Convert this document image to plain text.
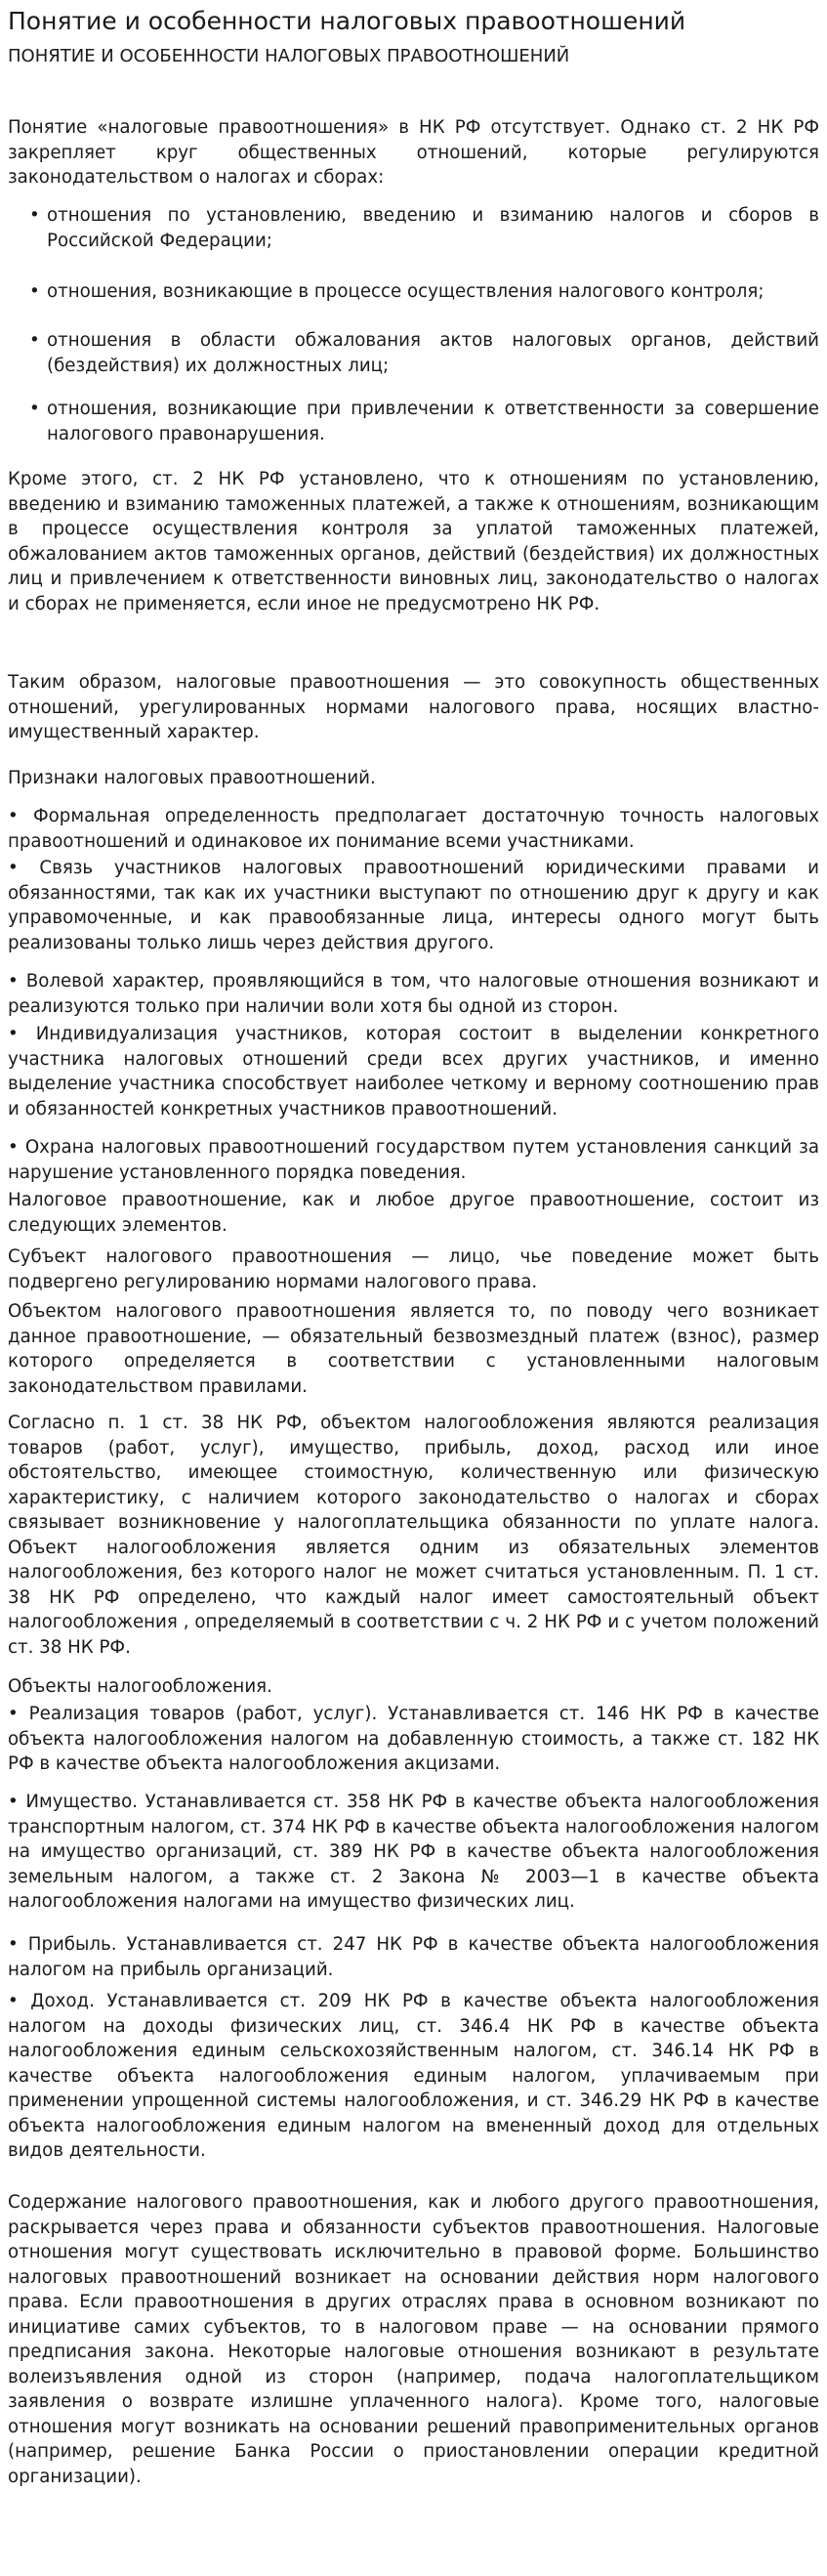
Понятие и особенности налоговых правоотношений
ПОНЯТИЕ И ОСОБЕННОСТИ НАЛОГОВЫХ ПРАВООТНОШЕНИЙ

Понятие «налоговые правоотношения» в НК РФ отсутствует. Однако ст. 2 НК РФ закрепляет круг общественных отношений, которые регулируются законодательством о налогах и сборах:

• отношения по установлению, введению и взиманию налогов и сборов в Российской Федерации;
• отношения, возникающие в процессе осуществления налогового контроля;
• отношения в области обжалования актов налоговых органов, действий (бездействия) их должностных лиц;
• отношения, возникающие при привлечении к ответственности за совершение налогового правонарушения.

Кроме этого, ст. 2 НК РФ установлено, что к отношениям по установлению, введению и взиманию таможенных платежей, а также к отношениям, возникающим в процессе осуществления контроля за уплатой таможенных платежей, обжалованием актов таможенных органов, действий (бездействия) их должностных лиц и привлечением к ответственности виновных лиц, законодательство о налогах и сборах не применяется, если иное не предусмотрено НК РФ.

Таким образом, налоговые правоотношения — это совокупность общественных отношений, урегулированных нормами налогового права, носящих властно-имущественный характер.

Признаки налоговых правоотношений.

• Формальная определенность предполагает достаточную точность налоговых правоотношений и одинаковое их понимание всеми участниками.

• Связь участников налоговых правоотношений юридическими правами и обязанностями, так как их участники выступают по отношению друг к другу и как управомоченные, и как правообязанные лица, интересы одного могут быть реализованы только лишь через действия другого.

• Волевой характер, проявляющийся в том, что налоговые отношения возникают и реализуются только при наличии воли хотя бы одной из сторон.

• Индивидуализация участников, которая состоит в выделении конкретного участника налоговых отношений среди всех других участников, и именно выделение участника способствует наиболее четкому и верному соотношению прав и обязанностей конкретных участников правоотношений.

• Охрана налоговых правоотношений государством путем установления санкций за нарушение установленного порядка поведения.

Налоговое правоотношение, как и любое другое правоотношение, состоит из следующих элементов.

Субъект налогового правоотношения — лицо, чье поведение может быть подвергено регулированию нормами налогового права.

Объектом налогового правоотношения является то, по поводу чего возникает данное правоотношение, — обязательный безвозмездный платеж (взнос), размер которого определяется в соответствии с установленными налоговым законодательством правилами.

Согласно п. 1 ст. 38 НК РФ, объектом налогообложения являются реализация товаров (работ, услуг), имущество, прибыль, доход, расход или иное обстоятельство, имеющее стоимостную, количественную или физическую характеристику, с наличием которого законодательство о налогах и сборах связывает возникновение у налогоплательщика обязанности по уплате налога. Объект налогообложения является одним из обязательных элементов налогообложения, без которого налог не может считаться установленным. П. 1 ст. 38 НК РФ определено, что каждый налог имеет самостоятельный объект налогообложения , определяемый в соответствии с ч. 2 НК РФ и с учетом положений ст. 38 НК РФ.

Объекты налогообложения.

• Реализация товаров (работ, услуг). Устанавливается ст. 146 НК РФ в качестве объекта налогообложения налогом на добавленную стоимость, а также ст. 182 НК РФ в качестве объекта налогообложения акцизами.

• Имущество. Устанавливается ст. 358 НК РФ в качестве объекта налогообложения транспортным налогом, ст. 374 НК РФ в качестве объекта налогообложения налогом на имущество организаций, ст. 389 НК РФ в качестве объекта налогообложения земельным налогом, а также ст. 2 Закона № 2003—1 в качестве объекта налогообложения налогами на имущество физических лиц.

• Прибыль. Устанавливается ст. 247 НК РФ в качестве объекта налогообложения налогом на прибыль организаций.

• Доход. Устанавливается ст. 209 НК РФ в качестве объекта налогообложения налогом на доходы физических лиц, ст. 346.4 НК РФ в качестве объекта налогообложения единым сельскохозяйственным налогом, ст. 346.14 НК РФ в качестве объекта налогообложения единым налогом, уплачиваемым при применении упрощенной системы налогообложения, и ст. 346.29 НК РФ в качестве объекта налогообложения единым налогом на вмененный доход для отдельных видов деятельности.

Содержание налогового правоотношения, как и любого другого правоотношения, раскрывается через права и обязанности субъектов правоотношения. Налоговые отношения могут существовать исключительно в правовой форме. Большинство налоговых правоотношений возникает на основании действия норм налогового права. Если правоотношения в других отраслях права в основном возникают по инициативе самих субъектов, то в налоговом праве — на основании прямого предписания закона. Некоторые налоговые отношения возникают в результате волеизъявления одной из сторон (например, подача налогоплательщиком заявления о возврате излишне уплаченного налога). Кроме того, налоговые отношения могут возникать на основании решений правоприменительных органов (например, решение Банка России о приостановлении операции кредитной организации).
